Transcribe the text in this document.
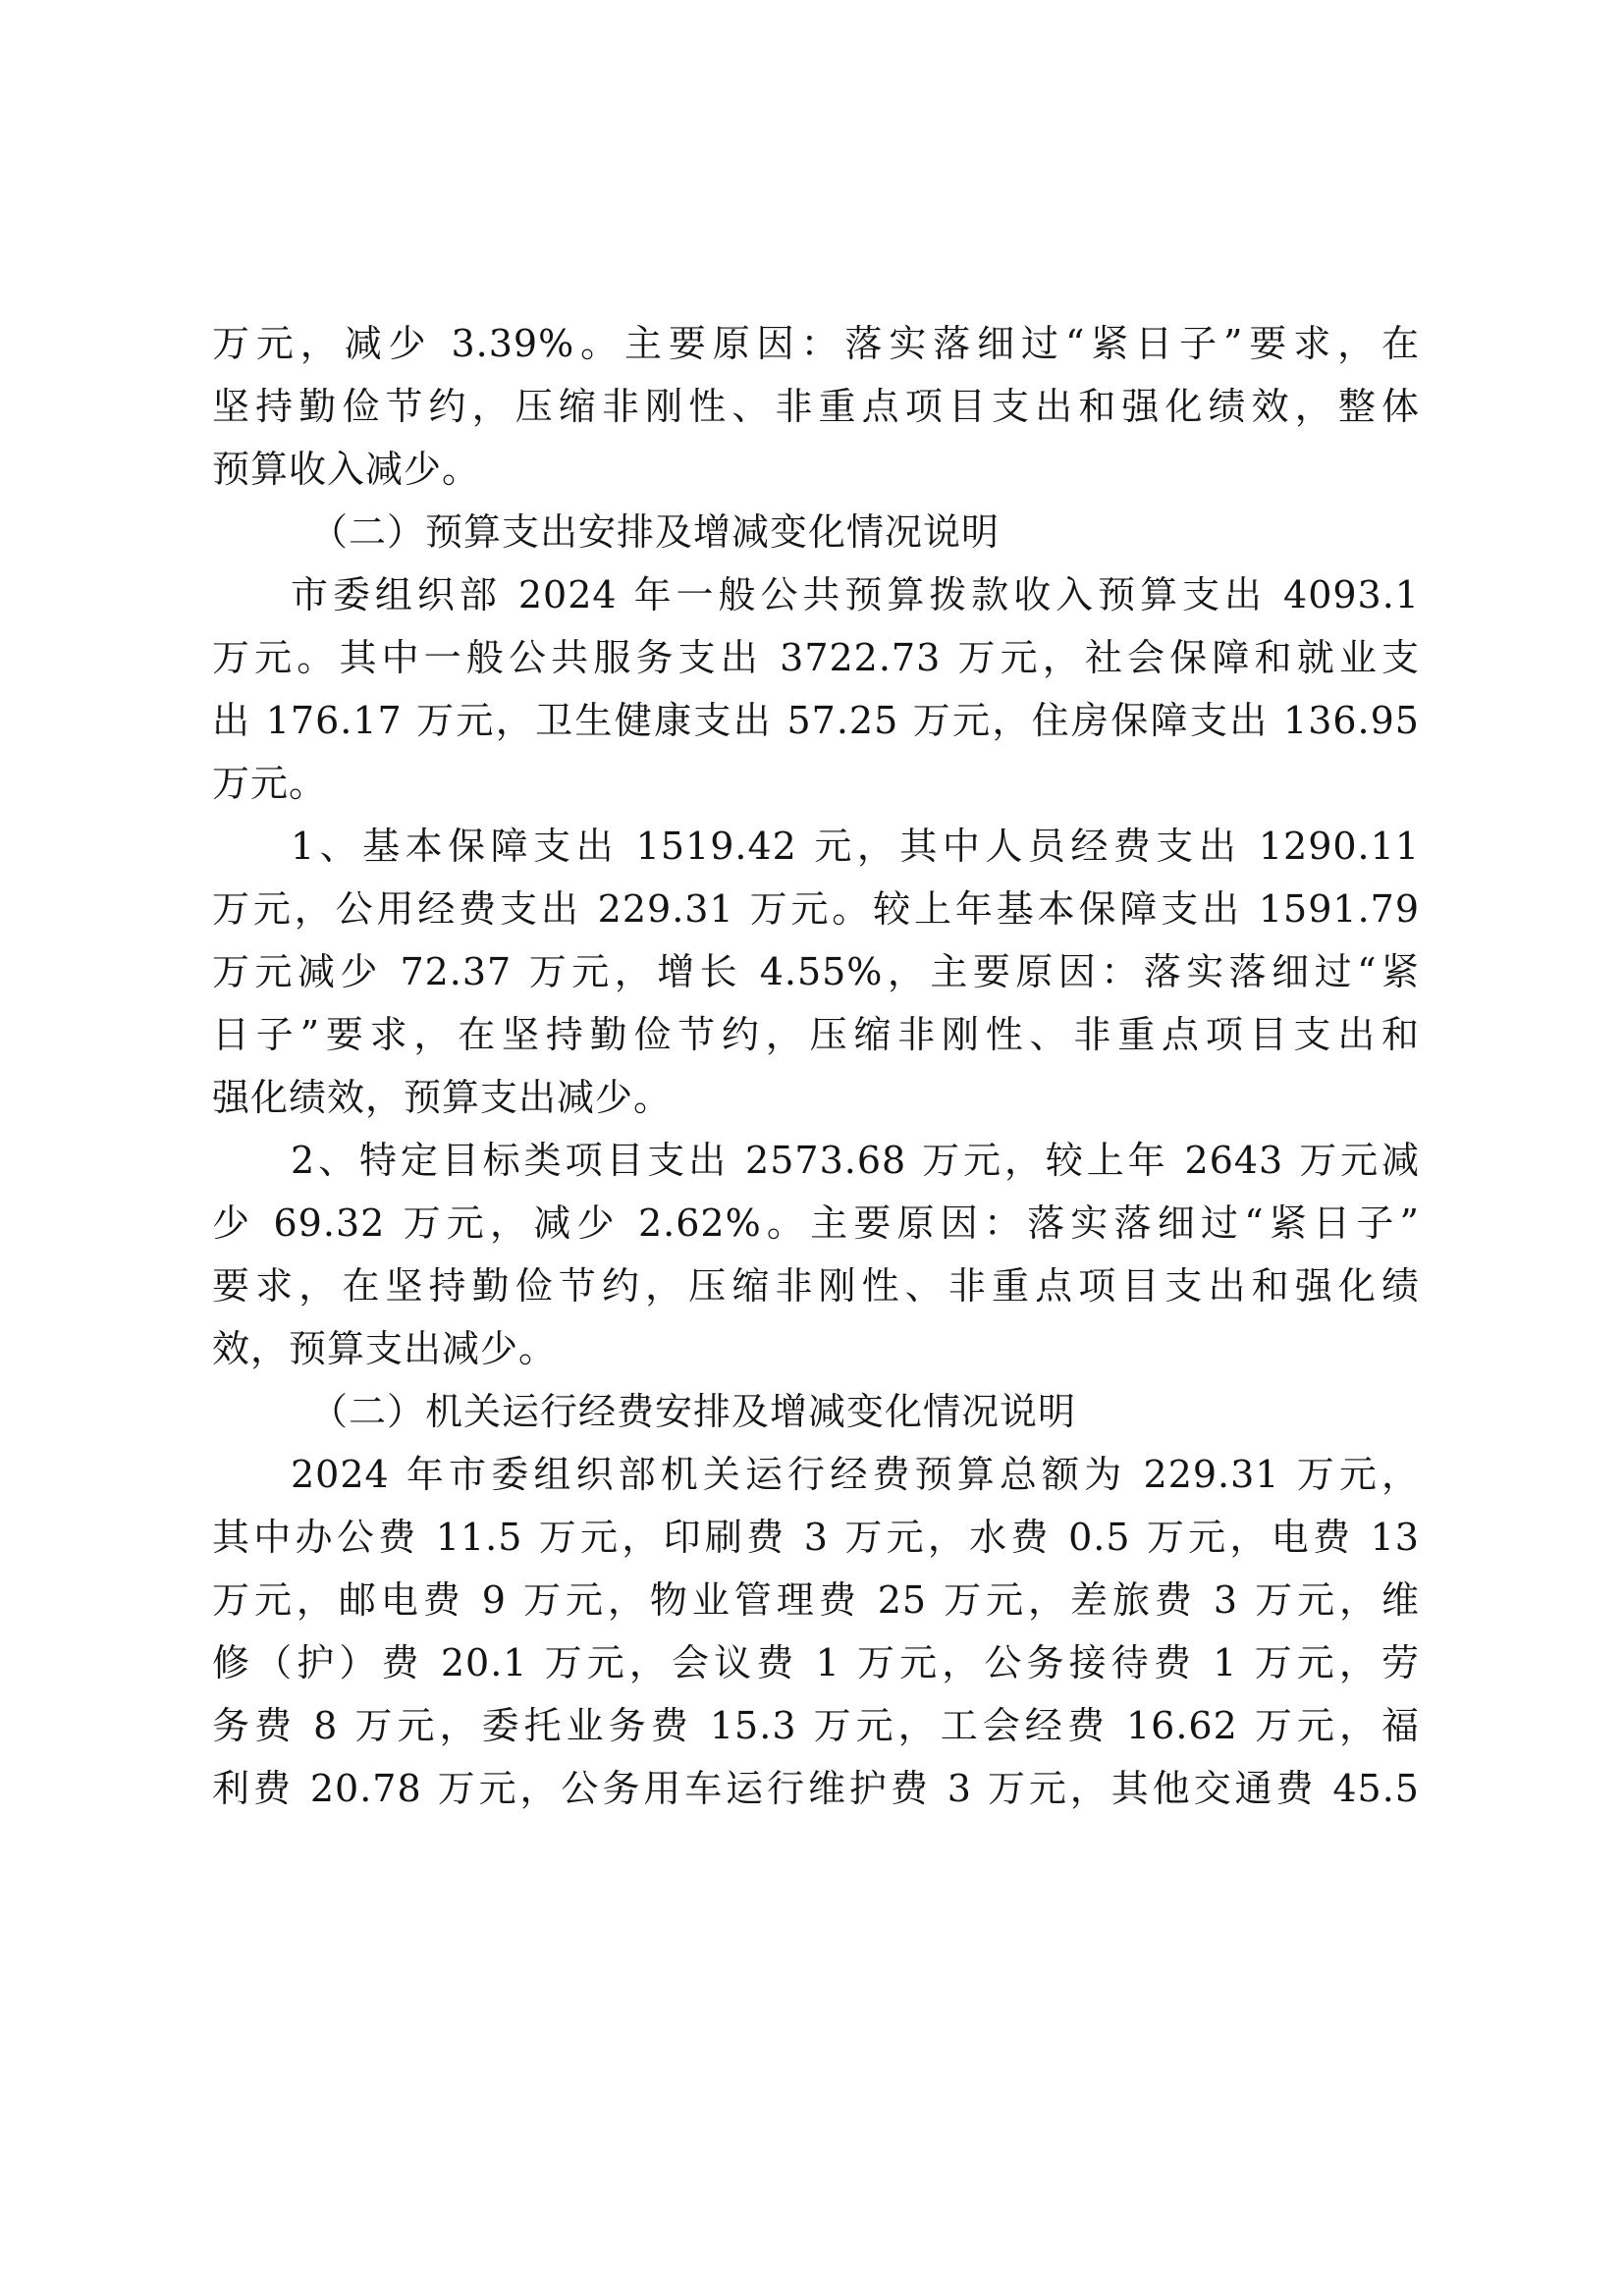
万元，减少 3.39%。主要原因：落实落细过“紧日子”要求，在
坚持勤俭节约，压缩非刚性、非重点项目支出和强化绩效，整体
预算收入减少。
（二）预算支出安排及增减变化情况说明
市委组织部 2024 年一般公共预算拨款收入预算支出 4093.1
万元。其中一般公共服务支出 3722.73 万元，社会保障和就业支
出 176.17 万元，卫生健康支出 57.25 万元，住房保障支出 136.95
万元。
1、基本保障支出 1519.42 元，其中人员经费支出 1290.11
万元，公用经费支出 229.31 万元。较上年基本保障支出 1591.79
万元减少 72.37 万元，增长 4.55%，主要原因：落实落细过“紧
日子”要求，在坚持勤俭节约，压缩非刚性、非重点项目支出和
强化绩效，预算支出减少。
2、特定目标类项目支出 2573.68 万元，较上年 2643 万元减
少 69.32 万元，减少 2.62%。主要原因：落实落细过“紧日子”
要求，在坚持勤俭节约，压缩非刚性、非重点项目支出和强化绩
效，预算支出减少。
（二）机关运行经费安排及增减变化情况说明
2024 年市委组织部机关运行经费预算总额为 229.31 万元，
其中办公费 11.5 万元，印刷费 3 万元，水费 0.5 万元，电费 13
万元，邮电费 9 万元，物业管理费 25 万元，差旅费 3 万元，维
修（护）费 20.1 万元，会议费 1 万元，公务接待费 1 万元，劳
务费 8 万元，委托业务费 15.3 万元，工会经费 16.62 万元，福
利费 20.78 万元，公务用车运行维护费 3 万元，其他交通费 45.5
